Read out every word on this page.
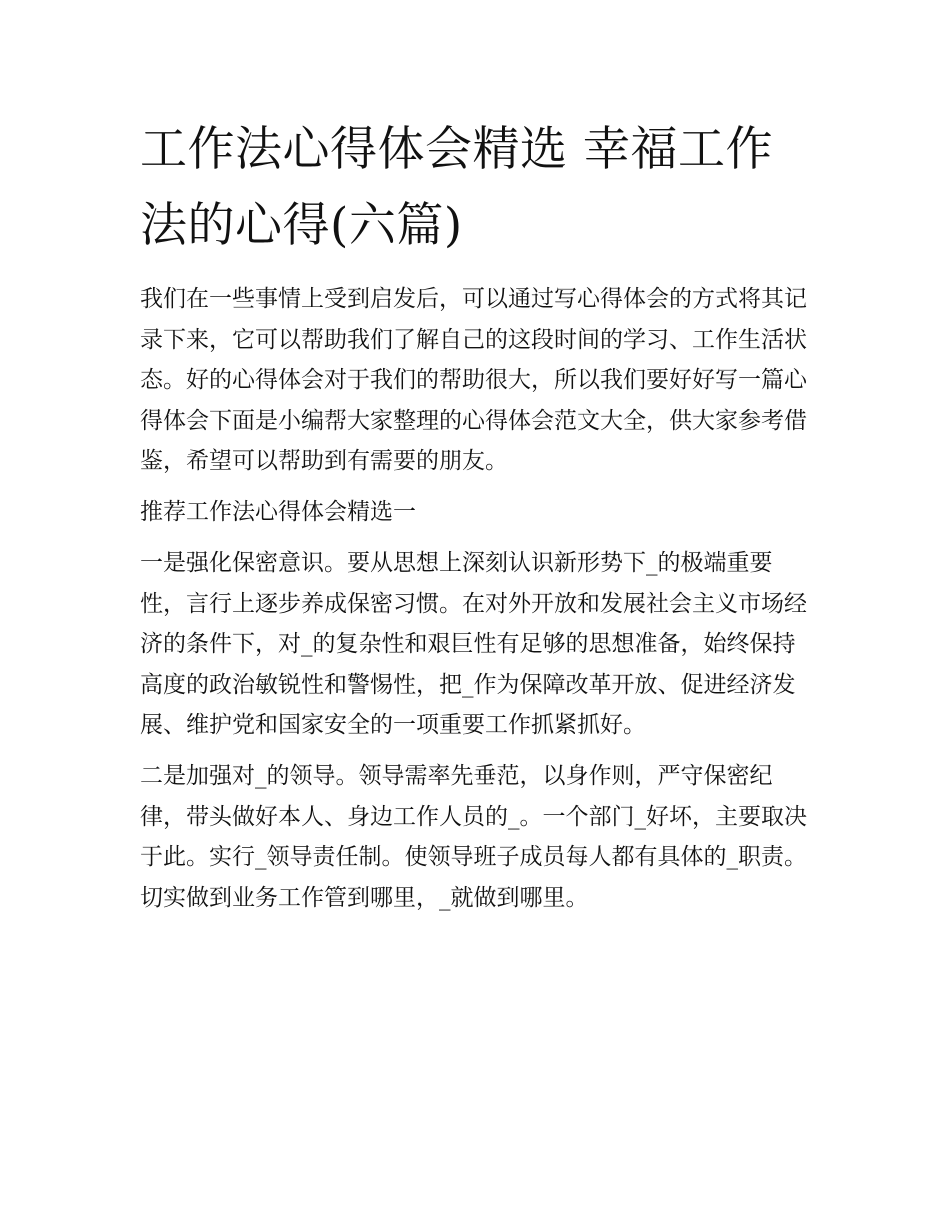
工作法心得体会精选 幸福工作法的心得(六篇)

我们在一些事情上受到启发后，可以通过写心得体会的方式将其记录下来，它可以帮助我们了解自己的这段时间的学习、工作生活状态。好的心得体会对于我们的帮助很大，所以我们要好好写一篇心得体会下面是小编帮大家整理的心得体会范文大全，供大家参考借鉴，希望可以帮助到有需要的朋友。

推荐工作法心得体会精选一

一是强化保密意识。要从思想上深刻认识新形势下_的极端重要性，言行上逐步养成保密习惯。在对外开放和发展社会主义市场经济的条件下，对_的复杂性和艰巨性有足够的思想准备，始终保持高度的政治敏锐性和警惕性，把_作为保障改革开放、促进经济发展、维护党和国家安全的一项重要工作抓紧抓好。

二是加强对_的领导。领导需率先垂范，以身作则，严守保密纪律，带头做好本人、身边工作人员的_。一个部门_好坏，主要取决于此。实行_领导责任制。使领导班子成员每人都有具体的_职责。切实做到业务工作管到哪里，_就做到哪里。
